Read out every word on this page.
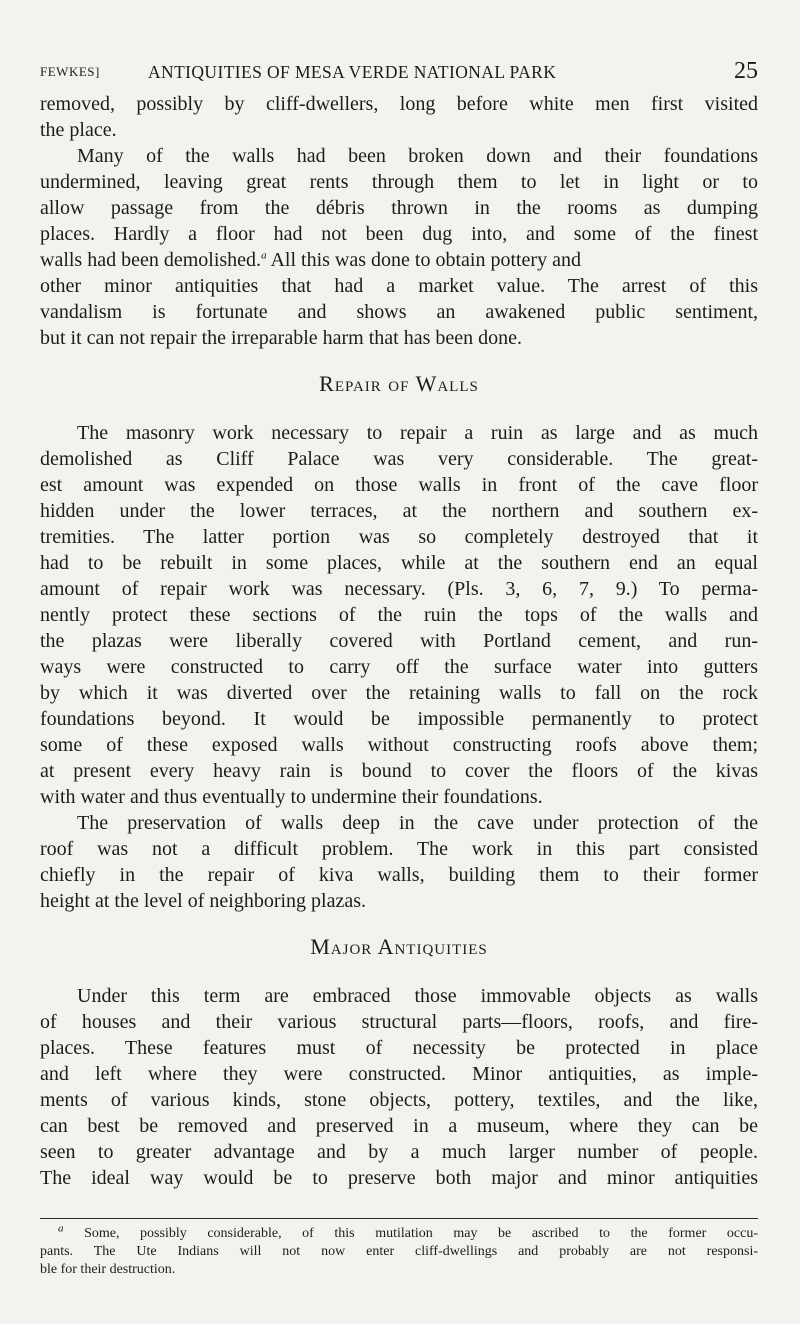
FEWKES]	ANTIQUITIES OF MESA VERDE NATIONAL PARK	25
removed, possibly by cliff-dwellers, long before white men first visited
the place.
Many of the walls had been broken down and their foundations
undermined, leaving great rents through them to let in light or to
allow passage from the débris thrown in the rooms as dumping
places. Hardly a floor had not been dug into, and some of the finest
walls had been demolished.$^a$ All this was done to obtain pottery and
other minor antiquities that had a market value. The arrest of this
vandalism is fortunate and shows an awakened public sentiment,
but it can not repair the irreparable harm that has been done.
Repair of Walls
The masonry work necessary to repair a ruin as large and as much
demolished as Cliff Palace was very considerable. The great-
est amount was expended on those walls in front of the cave floor
hidden under the lower terraces, at the northern and southern ex-
tremities. The latter portion was so completely destroyed that it
had to be rebuilt in some places, while at the southern end an equal
amount of repair work was necessary. (Pls. 3, 6, 7, 9.) To perma-
nently protect these sections of the ruin the tops of the walls and
the plazas were liberally covered with Portland cement, and run-
ways were constructed to carry off the surface water into gutters
by which it was diverted over the retaining walls to fall on the rock
foundations beyond. It would be impossible permanently to protect
some of these exposed walls without constructing roofs above them;
at present every heavy rain is bound to cover the floors of the kivas
with water and thus eventually to undermine their foundations.
The preservation of walls deep in the cave under protection of the
roof was not a difficult problem. The work in this part consisted
chiefly in the repair of kiva walls, building them to their former
height at the level of neighboring plazas.
Major Antiquities
Under this term are embraced those immovable objects as walls
of houses and their various structural parts—floors, roofs, and fire-
places. These features must of necessity be protected in place
and left where they were constructed. Minor antiquities, as imple-
ments of various kinds, stone objects, pottery, textiles, and the like,
can best be removed and preserved in a museum, where they can be
seen to greater advantage and by a much larger number of people.
The ideal way would be to preserve both major and minor antiquities
$^a$ Some, possibly considerable, of this mutilation may be ascribed to the former occu-
pants. The Ute Indians will not now enter cliff-dwellings and probably are not responsi-
ble for their destruction.
